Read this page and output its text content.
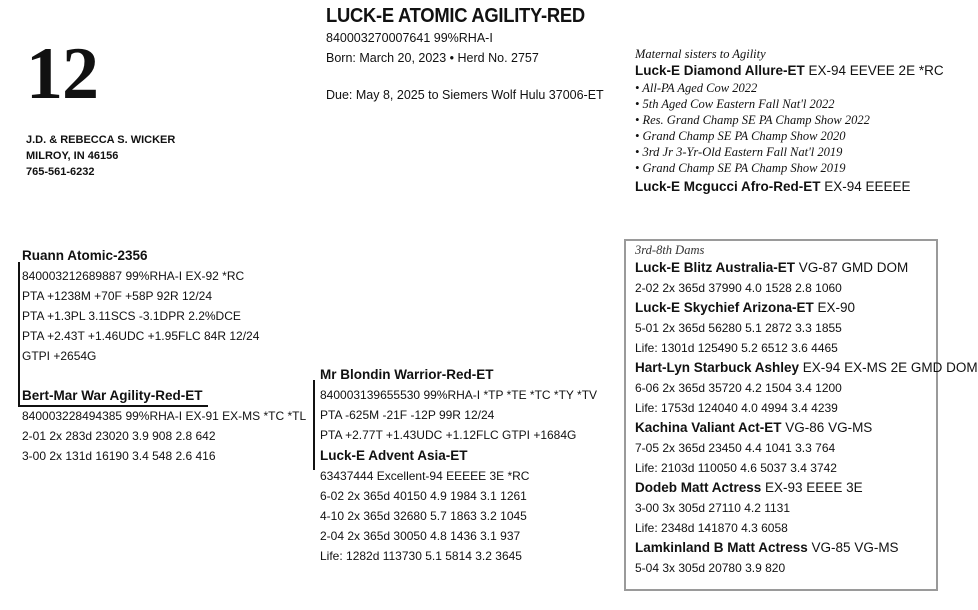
12
J.D. & REBECCA S. WICKER
MILROY, IN 46156
765-561-6232
LUCK-E ATOMIC AGILITY-RED
840003270007641 99%RHA-I
Born: March 20, 2023 • Herd No. 2757
Due: May 8, 2025 to Siemers Wolf Hulu 37006-ET
Maternal sisters to Agility
Luck-E Diamond Allure-ET EX-94 EEVEE 2E *RC
• All-PA Aged Cow 2022
• 5th Aged Cow Eastern Fall Nat'l 2022
• Res. Grand Champ SE PA Champ Show 2022
• Grand Champ SE PA Champ Show 2020
• 3rd Jr 3-Yr-Old Eastern Fall Nat'l 2019
• Grand Champ SE PA Champ Show 2019
Luck-E Mcgucci Afro-Red-ET EX-94 EEEEE
Ruann Atomic-2356
840003212689887 99%RHA-I EX-92 *RC
PTA +1238M +70F +58P 92R 12/24
PTA +1.3PL 3.11SCS -3.1DPR 2.2%DCE
PTA +2.43T +1.46UDC +1.95FLC 84R 12/24
GTPI +2654G
Bert-Mar War Agility-Red-ET
840003228494385 99%RHA-I EX-91 EX-MS *TC *TL
2-01 2x 283d 23020 3.9 908 2.8 642
3-00 2x 131d 16190 3.4 548 2.6 416
Mr Blondin Warrior-Red-ET
840003139655530 99%RHA-I *TP *TE *TC *TY *TV
PTA -625M -21F -12P 99R 12/24
PTA +2.77T +1.43UDC +1.12FLC GTPI +1684G
Luck-E Advent Asia-ET
63437444 Excellent-94 EEEEE 3E *RC
6-02 2x 365d 40150 4.9 1984 3.1 1261
4-10 2x 365d 32680 5.7 1863 3.2 1045
2-04 2x 365d 30050 4.8 1436 3.1 937
Life: 1282d 113730 5.1 5814 3.2 3645
3rd-8th Dams
Luck-E Blitz Australia-ET VG-87 GMD DOM
2-02 2x 365d 37990 4.0 1528 2.8 1060
Luck-E Skychief Arizona-ET EX-90
5-01 2x 365d 56280 5.1 2872 3.3 1855
Life: 1301d 125490 5.2 6512 3.6 4465
Hart-Lyn Starbuck Ashley EX-94 EX-MS 2E GMD DOM
6-06 2x 365d 35720 4.2 1504 3.4 1200
Life: 1753d 124040 4.0 4994 3.4 4239
Kachina Valiant Act-ET VG-86 VG-MS
7-05 2x 365d 23450 4.4 1041 3.3 764
Life: 2103d 110050 4.6 5037 3.4 3742
Dodeb Matt Actress EX-93 EEEE 3E
3-00 3x 305d 27110 4.2 1131
Life: 2348d 141870 4.3 6058
Lamkinland B Matt Actress VG-85 VG-MS
5-04 3x 305d 20780 3.9 820
